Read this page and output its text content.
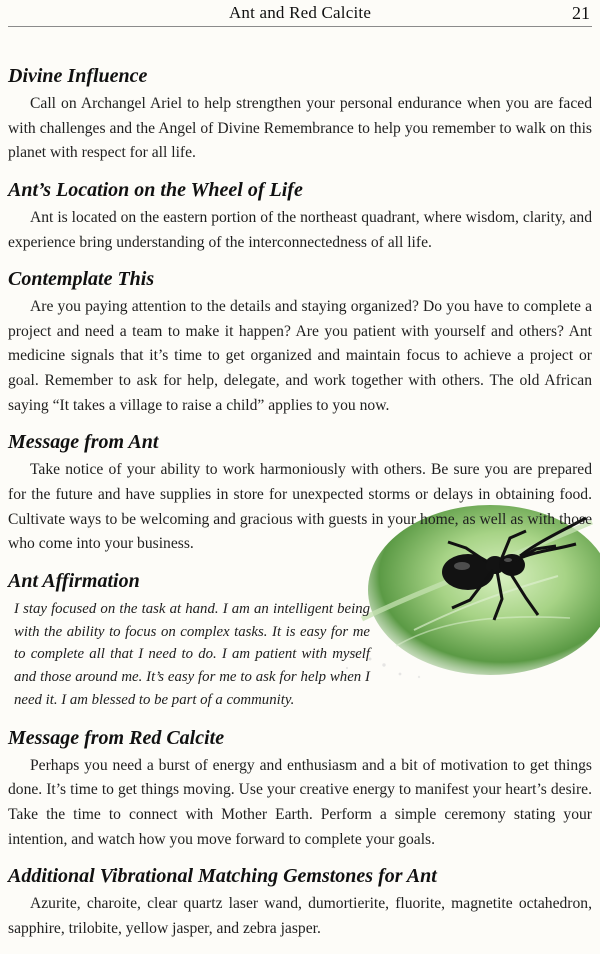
Ant and Red Calcite	21
Divine Influence

Call on Archangel Ariel to help strengthen your personal endurance when you are faced with challenges and the Angel of Divine Remembrance to help you remember to walk on this planet with respect for all life.

Ant’s Location on the Wheel of Life

Ant is located on the eastern portion of the northeast quadrant, where wisdom, clarity, and experience bring understanding of the interconnectedness of all life.

Contemplate This

Are you paying attention to the details and staying organized? Do you have to complete a project and need a team to make it happen? Are you patient with yourself and others? Ant medicine signals that it’s time to get organized and maintain focus to achieve a project or goal. Remember to ask for help, delegate, and work together with others. The old African saying “It takes a village to raise a child” applies to you now.

Message from Ant

Take notice of your ability to work harmoniously with others. Be sure you are prepared for the future and have supplies in store for unexpected storms or delays in obtaining food. Cultivate ways to be welcoming and gracious with guests in your home, as well as with those who come into your business.

Ant Affirmation
I stay focused on the task at hand. I am an intelligent being with the ability to focus on complex tasks. It is easy for me to complete all that I need to do. I am patient with myself and those around me. It’s easy for me to ask for help when I need it. I am blessed to be part of a community.
Message from Red Calcite

Perhaps you need a burst of energy and enthusiasm and a bit of motivation to get things done. It’s time to get things moving. Use your creative energy to manifest your heart’s desire. Take the time to connect with Mother Earth. Perform a simple ceremony stating your intention, and watch how you move forward to complete your goals.

Additional Vibrational Matching Gemstones for Ant

Azurite, charoite, clear quartz laser wand, dumortierite, fluorite, magnetite octahedron, sapphire, trilobite, yellow jasper, and zebra jasper.
